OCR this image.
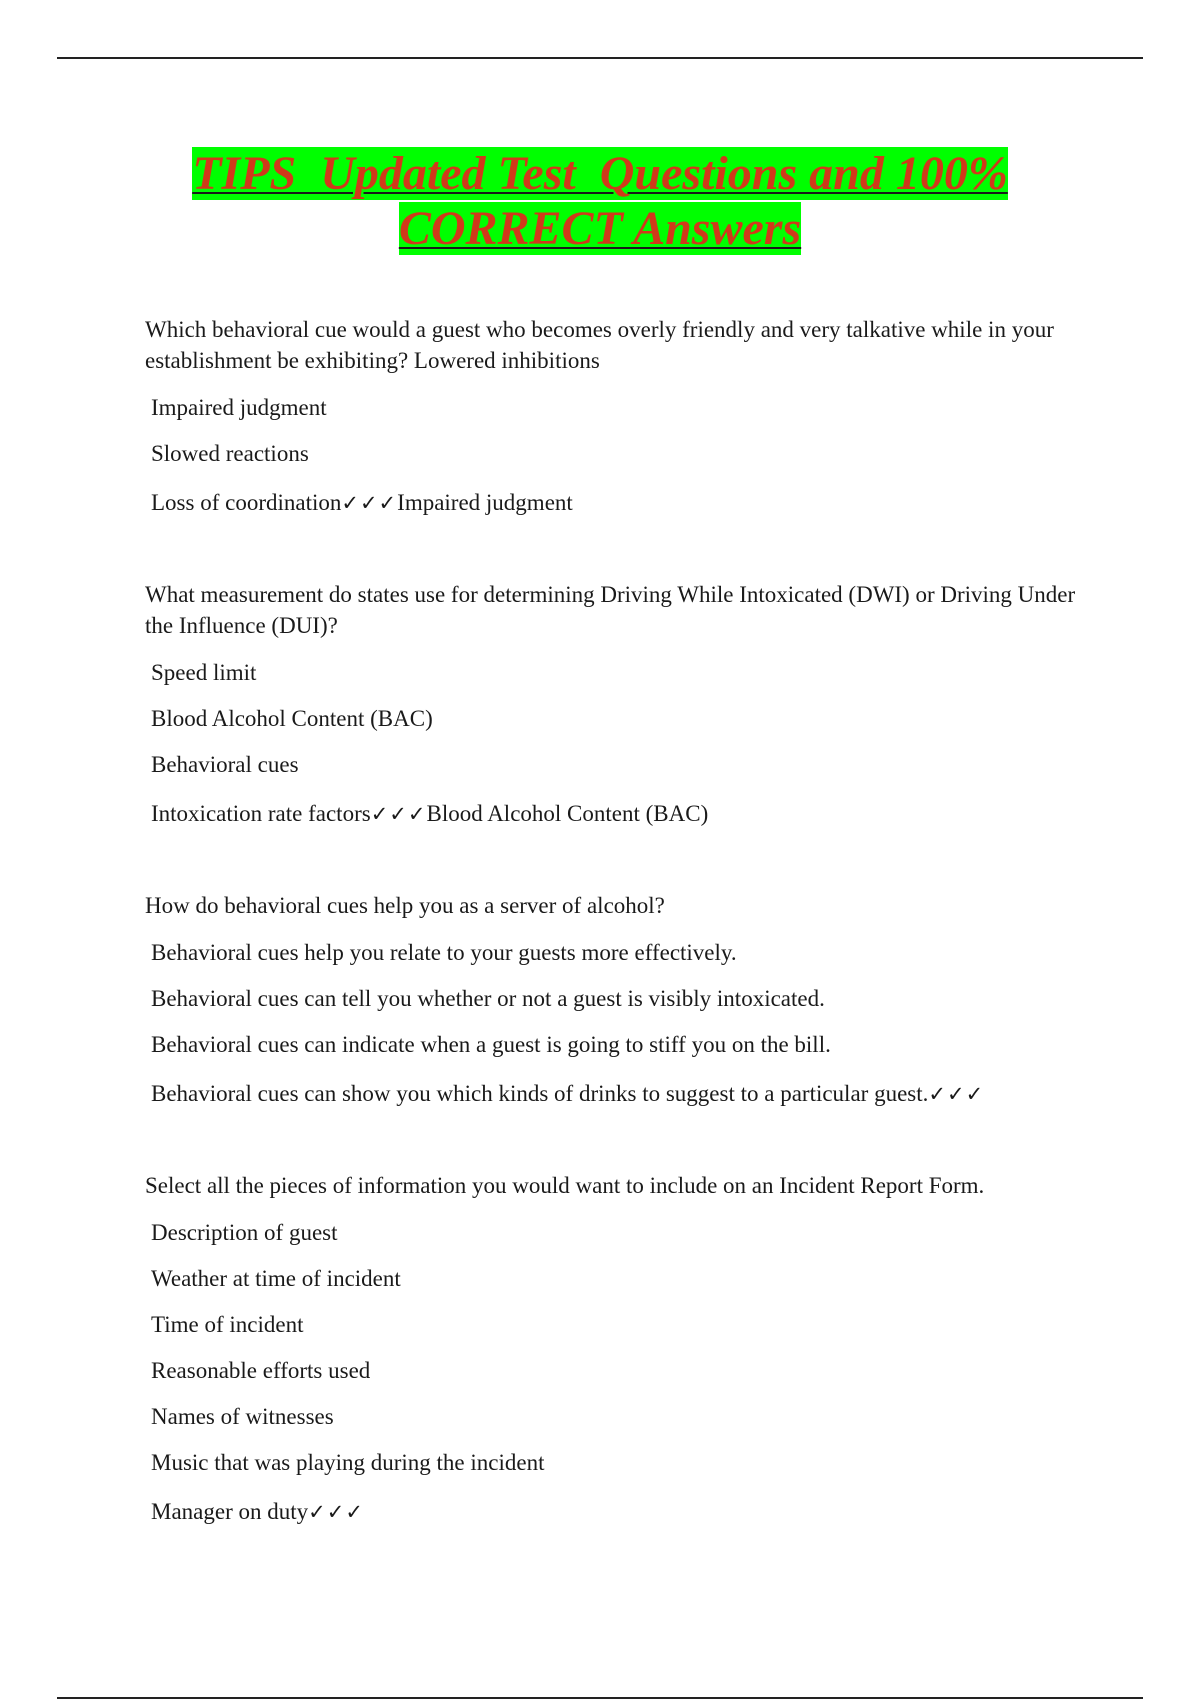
TIPS  Updated Test  Questions and 100%
CORRECT Answers

Which behavioral cue would a guest who becomes overly friendly and very talkative while in your establishment be exhibiting? Lowered inhibitions

Impaired judgment
Slowed reactions
Loss of coordination✓✓✓Impaired judgment

What measurement do states use for determining Driving While Intoxicated (DWI) or Driving Under the Influence (DUI)?

Speed limit
Blood Alcohol Content (BAC)
Behavioral cues
Intoxication rate factors✓✓✓Blood Alcohol Content (BAC)

How do behavioral cues help you as a server of alcohol?

Behavioral cues help you relate to your guests more effectively.
Behavioral cues can tell you whether or not a guest is visibly intoxicated.
Behavioral cues can indicate when a guest is going to stiff you on the bill.
Behavioral cues can show you which kinds of drinks to suggest to a particular guest.✓✓✓

Select all the pieces of information you would want to include on an Incident Report Form.

Description of guest
Weather at time of incident
Time of incident
Reasonable efforts used
Names of witnesses
Music that was playing during the incident
Manager on duty✓✓✓
